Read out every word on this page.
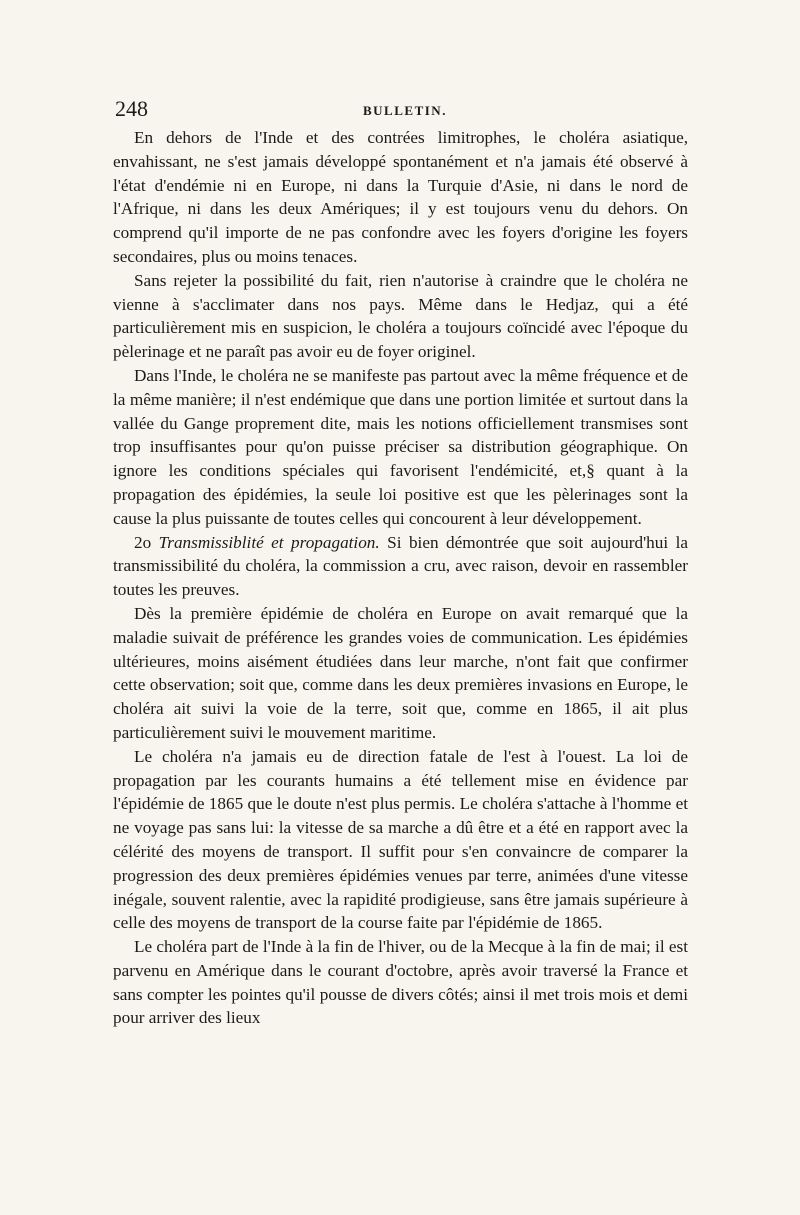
248	BULLETIN.

En dehors de l'Inde et des contrées limitrophes, le choléra asiatique, envahissant, ne s'est jamais développé spontanément et n'a jamais été observé à l'état d'endémie ni en Europe, ni dans la Turquie d'Asie, ni dans le nord de l'Afrique, ni dans les deux Amériques; il y est toujours venu du dehors. On comprend qu'il importe de ne pas confondre avec les foyers d'origine les foyers secondaires, plus ou moins tenaces.

Sans rejeter la possibilité du fait, rien n'autorise à craindre que le choléra ne vienne à s'acclimater dans nos pays. Même dans le Hedjaz, qui a été particulièrement mis en suspicion, le choléra a toujours coïncidé avec l'époque du pèlerinage et ne paraît pas avoir eu de foyer originel.

Dans l'Inde, le choléra ne se manifeste pas partout avec la même fréquence et de la même manière; il n'est endémique que dans une portion limitée et surtout dans la vallée du Gange proprement dite, mais les notions officiellement transmises sont trop insuffisantes pour qu'on puisse préciser sa distribution géographique. On ignore les conditions spéciales qui favorisent l'endémicité, et,§ quant à la propagation des épidémies, la seule loi positive est que les pèlerinages sont la cause la plus puissante de toutes celles qui concourent à leur développement.

2o Transmissiblité et propagation. Si bien démontrée que soit aujourd'hui la transmissibilité du choléra, la commission a cru, avec raison, devoir en rassembler toutes les preuves.

Dès la première épidémie de choléra en Europe on avait remarqué que la maladie suivait de préférence les grandes voies de communication. Les épidémies ultérieures, moins aisément étudiées dans leur marche, n'ont fait que confirmer cette observation; soit que, comme dans les deux premières invasions en Europe, le choléra ait suivi la voie de la terre, soit que, comme en 1865, il ait plus particulièrement suivi le mouvement maritime.

Le choléra n'a jamais eu de direction fatale de l'est à l'ouest. La loi de propagation par les courants humains a été tellement mise en évidence par l'épidémie de 1865 que le doute n'est plus permis. Le choléra s'attache à l'homme et ne voyage pas sans lui: la vitesse de sa marche a dû être et a été en rapport avec la célérité des moyens de transport. Il suffit pour s'en convaincre de comparer la progression des deux premières épidémies venues par terre, animées d'une vitesse inégale, souvent ralentie, avec la rapidité prodigieuse, sans être jamais supérieure à celle des moyens de transport de la course faite par l'épidémie de 1865.

Le choléra part de l'Inde à la fin de l'hiver, ou de la Mecque à la fin de mai; il est parvenu en Amérique dans le courant d'octobre, après avoir traversé la France et sans compter les pointes qu'il pousse de divers côtés; ainsi il met trois mois et demi pour arriver des lieux
